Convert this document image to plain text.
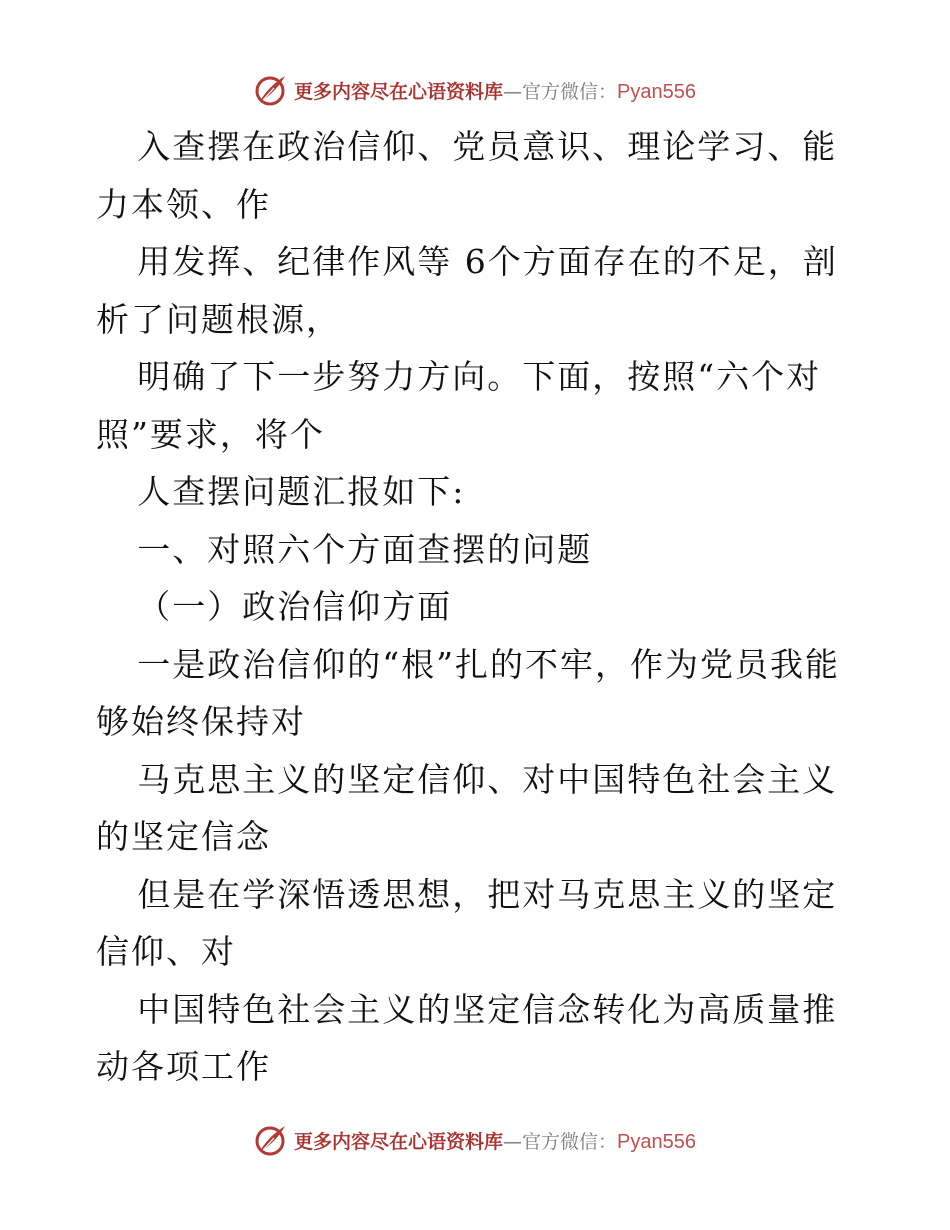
更多内容尽在心语资料库 — 官方微信： Pyan556

入查摆在政治信仰、党员意识、理论学习、能力本领、作

用发挥、纪律作风等 6个方面存在的不足，剖析了问题根源，

明确了下一步努力方向。下面，按照“六个对照”要求，将个

人查摆问题汇报如下:

一、对照六个方面查摆的问题

（一）政治信仰方面

一是政治信仰的“根”扎的不牢，作为党员我能够始终保持对

马克思主义的坚定信仰、对中国特色社会主义的坚定信念

但是在学深悟透思想，把对马克思主义的坚定信仰、对

中国特色社会主义的坚定信念转化为高质量推动各项工作

更多内容尽在心语资料库 — 官方微信： Pyan556
